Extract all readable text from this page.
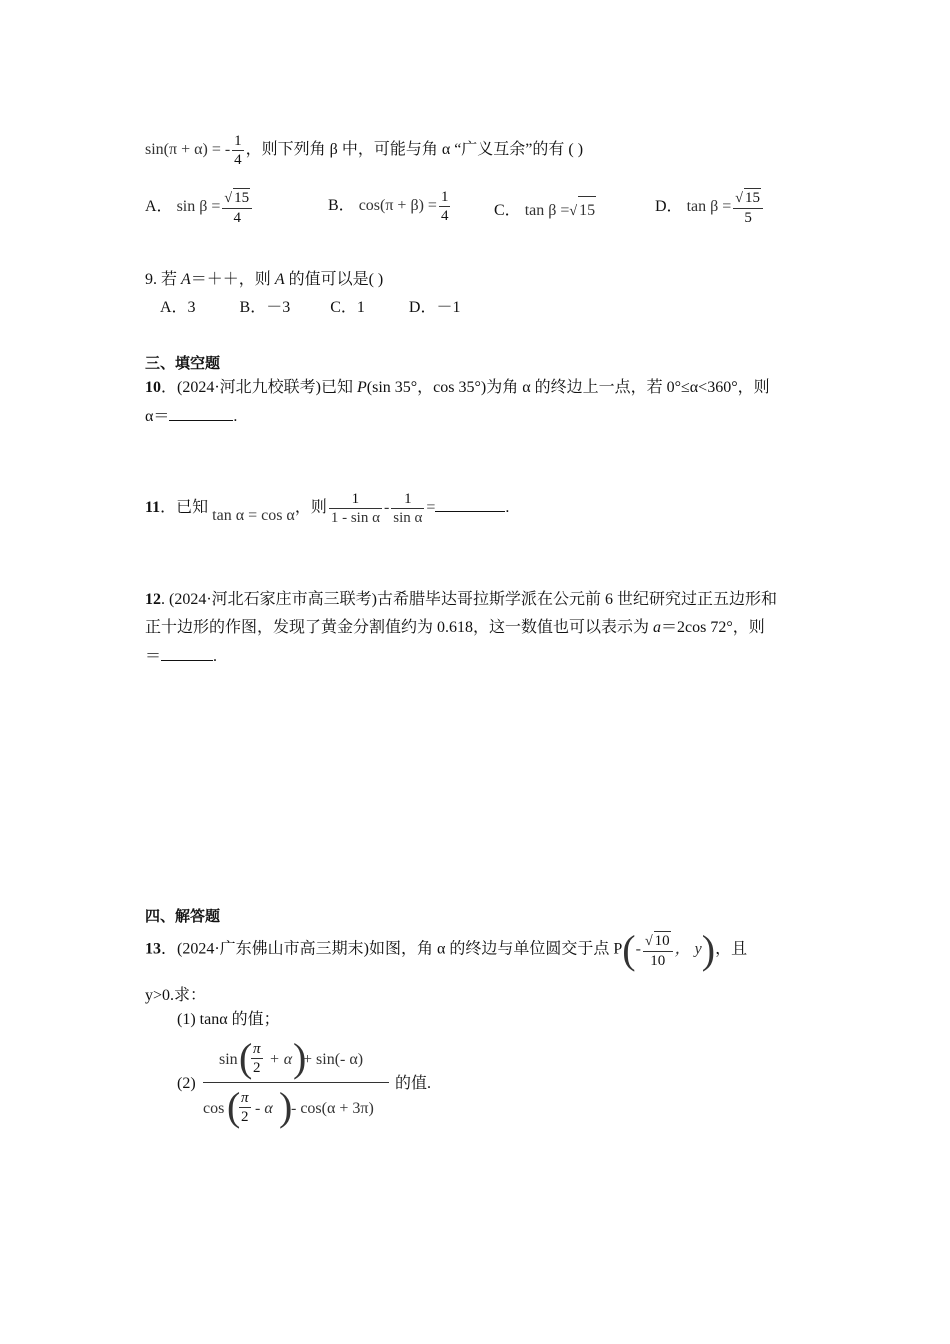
sin(π + α) = - $\frac{1}{4}$ ，则下列角 β 中，可能与角 α “广义互余”的有 ( )
A． $\sin \beta = \frac{√ 15}{4}$	B． $\cos(\pi + \beta) = \frac{1}{4}$	C． tan β =√ 15	D． $\tan \beta = \frac{√ 15}{5}$
9. 若 A＝＋＋，则 A 的值可以是( )
A．3           B．－3          C．1           D．－1
三、填空题
10．(2024·河北九校联考)已知 P(sin 35°，cos 35°)为角 α 的终边上一点，若 0°≤α<360°，则
α＝	.
11．已知 tan α = cos α，则 $\frac{1}{\text{1 - sin α}} - \frac{1}{\text{sin α}}$ =	.
12. (2024·河北石家庄市高三联考)古希腊毕达哥拉斯学派在公元前 6 世纪研究过正五边形和
正十边形的作图，发现了黄金分割值约为 0.618，这一数值也可以表示为 a＝2cos 72°，则
＝	.
四、解答题
13．(2024·广东佛山市高三期末)如图，角 α 的终边与单位圆交于点 $P(- \frac{√ 10}{10}$ ， y)，且
y>0.求：
(1) tanα 的值；
(2)
sin (
$\frac{\pi}{2} + \alpha$ )
+ sin(- α)
cos (
$\frac{\pi}{2}$ - α )
- cos(α + 3π)
的值.
